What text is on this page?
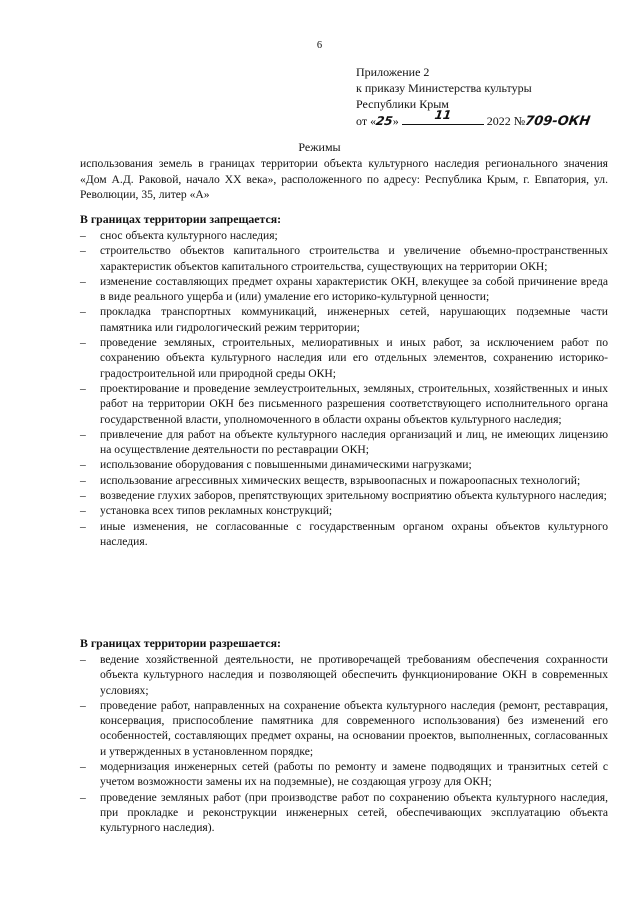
6
Приложение 2
к приказу Министерства культуры
Республики Крым
от «25»	11	2022 №709-ОКН
Режимы
использования земель в границах территории объекта культурного наследия регионального значения «Дом А.Д. Раковой, начало XX века», расположенного по адресу: Республика Крым, г. Евпатория, ул. Революции, 35, литер «А»
В границах территории запрещается:
– снос объекта культурного наследия;
– строительство объектов капитального строительства и увеличение объемно-пространственных характеристик объектов капитального строительства, существующих на территории ОКН;
– изменение составляющих предмет охраны характеристик ОКН, влекущее за собой причинение вреда в виде реального ущерба и (или) умаление его историко-культурной ценности;
– прокладка транспортных коммуникаций, инженерных сетей, нарушающих подземные части памятника или гидрологический режим территории;
– проведение земляных, строительных, мелиоративных и иных работ, за исключением работ по сохранению объекта культурного наследия или его отдельных элементов, сохранению историко-градостроительной или природной среды ОКН;
– проектирование и проведение землеустроительных, земляных, строительных, хозяйственных и иных работ на территории ОКН без письменного разрешения соответствующего исполнительного органа государственной власти, уполномоченного в области охраны объектов культурного наследия;
– привлечение для работ на объекте культурного наследия организаций и лиц, не имеющих лицензию на осуществление деятельности по реставрации ОКН;
– использование оборудования с повышенными динамическими нагрузками;
– использование агрессивных химических веществ, взрывоопасных и пожароопасных технологий;
– возведение глухих заборов, препятствующих зрительному восприятию объекта культурного наследия;
– установка всех типов рекламных конструкций;
– иные изменения, не согласованные с государственным органом охраны объектов культурного наследия.
В границах территории разрешается:
– ведение хозяйственной деятельности, не противоречащей требованиям обеспечения сохранности объекта культурного наследия и позволяющей обеспечить функционирование ОКН в современных условиях;
– проведение работ, направленных на сохранение объекта культурного наследия (ремонт, реставрация, консервация, приспособление памятника для современного использования) без изменений его особенностей, составляющих предмет охраны, на основании проектов, выполненных, согласованных и утвержденных в установленном порядке;
– модернизация инженерных сетей (работы по ремонту и замене подводящих и транзитных сетей с учетом возможности замены их на подземные), не создающая угрозу для ОКН;
– проведение земляных работ (при производстве работ по сохранению объекта культурного наследия, при прокладке и реконструкции инженерных сетей, обеспечивающих эксплуатацию объекта культурного наследия).
